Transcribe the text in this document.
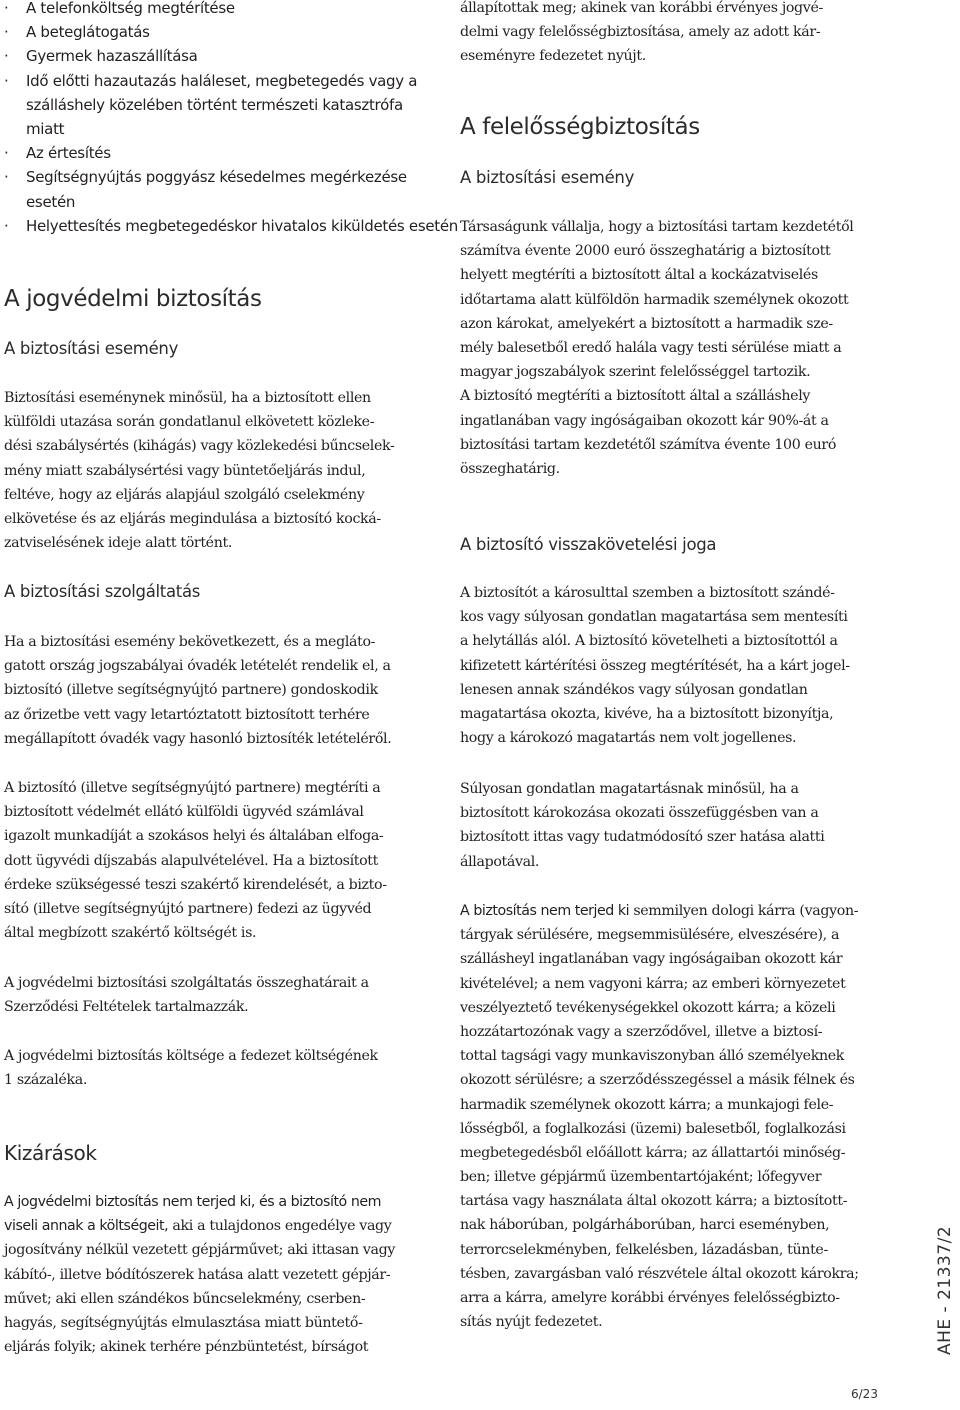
· A telefonköltség megtérítése
· A beteglátogatás
· Gyermek hazaszállítása
· Idő előtti hazautazás haláleset, megbetegedés vagy a
szálláshely közelében történt természeti katasztrófa
miatt
· Az értesítés
· Segítségnyújtás poggyász késedelmes megérkezése
esetén
· Helyettesítés megbetegedéskor hivatalos kiküldetés esetén
A jogvédelmi biztosítás
A biztosítási esemény
Biztosítási eseménynek minősül, ha a biztosított ellen
külföldi utazása során gondatlanul elkövetett közleke-
dési szabálysértés (kihágás) vagy közlekedési bűncselek-
mény miatt szabálysértési vagy büntetőeljárás indul,
feltéve, hogy az eljárás alapjául szolgáló cselekmény
elkövetése és az eljárás megindulása a biztosító kocká-
zatviselésének ideje alatt történt.
A biztosítási szolgáltatás
Ha a biztosítási esemény bekövetkezett, és a megláto-
gatott ország jogszabályai óvadék letételét rendelik el, a
biztosító (illetve segítségnyújtó partnere) gondoskodik
az őrizetbe vett vagy letartóztatott biztosított terhére
megállapított óvadék vagy hasonló biztosíték letételéről.
A biztosító (illetve segítségnyújtó partnere) megtéríti a
biztosított védelmét ellátó külföldi ügyvéd számlával
igazolt munkadíját a szokásos helyi és általában elfoga-
dott ügyvédi díjszabás alapulvételével. Ha a biztosított
érdeke szükségessé teszi szakértő kirendelését, a bizto-
sító (illetve segítségnyújtó partnere) fedezi az ügyvéd
által megbízott szakértő költségét is.
A jogvédelmi biztosítási szolgáltatás összeghatárait a
Szerződési Feltételek tartalmazzák.
A jogvédelmi biztosítás költsége a fedezet költségének
1 százaléka.
Kizárások
A jogvédelmi biztosítás nem terjed ki, és a biztosító nem
viseli annak a költségeit, aki a tulajdonos engedélye vagy
jogosítvány nélkül vezetett gépjárművet; aki ittasan vagy
kábító-, illetve bódítószerek hatása alatt vezetett gépjár-
művet; aki ellen szándékos bűncselekmény, cserben-
hagyás, segítségnyújtás elmulasztása miatt büntető-
eljárás folyik; akinek terhére pénzbüntetést, bírságot
állapítottak meg; akinek van korábbi érvényes jogvé-
delmi vagy felelősségbiztosítása, amely az adott kár-
eseményre fedezetet nyújt.
A felelősségbiztosítás
A biztosítási esemény
Társaságunk vállalja, hogy a biztosítási tartam kezdetétől
számítva évente 2000 euró összeghatárig a biztosított
helyett megtéríti a biztosított által a kockázatviselés
időtartama alatt külföldön harmadik személynek okozott
azon károkat, amelyekért a biztosított a harmadik sze-
mély balesetből eredő halála vagy testi sérülése miatt a
magyar jogszabályok szerint felelősséggel tartozik.
A biztosító megtéríti a biztosított által a szálláshely
ingatlanában vagy ingóságaiban okozott kár 90%-át a
biztosítási tartam kezdetétől számítva évente 100 euró
összeghatárig.
A biztosító visszakövetelési joga
A biztosítót a károsulttal szemben a biztosított szándé-
kos vagy súlyosan gondatlan magatartása sem mentesíti
a helytállás alól. A biztosító követelheti a biztosítottól a
kifizetett kártérítési összeg megtérítését, ha a kárt jogel-
lenesen annak szándékos vagy súlyosan gondatlan
magatartása okozta, kivéve, ha a biztosított bizonyítja,
hogy a károkozó magatartás nem volt jogellenes.
Súlyosan gondatlan magatartásnak minősül, ha a
biztosított károkozása okozati összefüggésben van a
biztosított ittas vagy tudatmódosító szer hatása alatti
állapotával.
A biztosítás nem terjed ki semmilyen dologi kárra (vagyon-
tárgyak sérülésére, megsemmisülésére, elveszésére), a
szállásheyl ingatlanában vagy ingóságaiban okozott kár
kivételével; a nem vagyoni kárra; az emberi környezetet
veszélyeztető tevékenységekkel okozott kárra; a közeli
hozzátartozónak vagy a szerződővel, illetve a biztosí-
tottal tagsági vagy munkaviszonyban álló személyeknek
okozott sérülésre; a szerződésszegéssel a másik félnek és
harmadik személynek okozott kárra; a munkajogi fele-
lősségből, a foglalkozási (üzemi) balesetből, foglalkozási
megbetegedésből előállott kárra; az állattartói minőség-
ben; illetve gépjármű üzembentartójaként; lőfegyver
tartása vagy használata által okozott kárra; a biztosított-
nak háborúban, polgárháborúban, harci eseményben,
terrorcselekményben, felkelésben, lázadásban, tünte-
tésben, zavargásban való részvétele által okozott károkra;
arra a kárra, amelyre korábbi érvényes felelősségbizto-
sítás nyújt fedezetet.	AHE - 21337/2
6/23
